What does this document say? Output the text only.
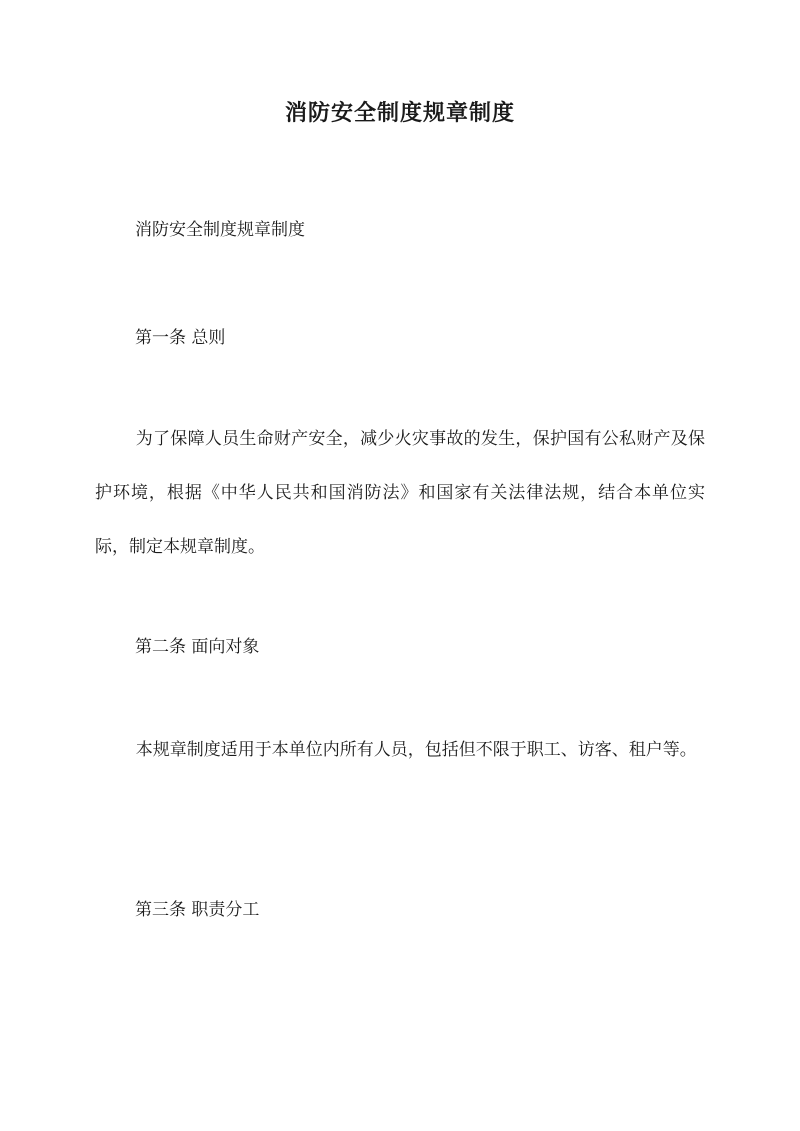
消防安全制度规章制度

消防安全制度规章制度

第一条 总则

为了保障人员生命财产安全，减少火灾事故的发生，保护国有公私财产及保护环境，根据《中华人民共和国消防法》和国家有关法律法规，结合本单位实际，制定本规章制度。

第二条 面向对象

本规章制度适用于本单位内所有人员，包括但不限于职工、访客、租户等。

第三条 职责分工
